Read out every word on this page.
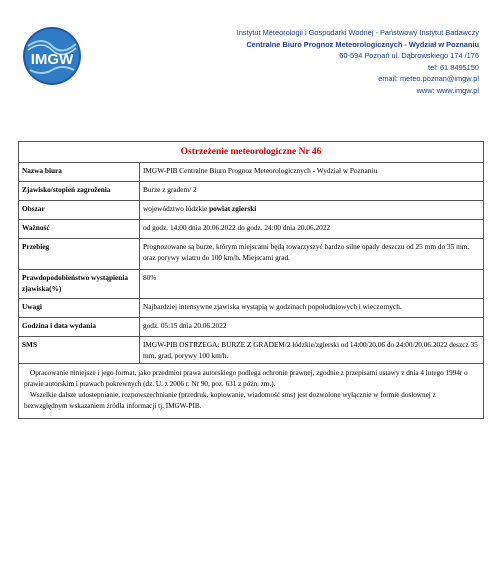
IMGW
Instytut Meteorologii i Gospodarki Wodnej - Państwowy Instytut Badawczy
Centralne Biuro Prognoz Meteorologicznych - Wydział w Poznaniu
60-594 Poznań ul. Dąbrowskiego 174 /176
tel: 61 8495150
email: meteo.poznan@imgw.pl
www: www.imgw.pl
Ostrzeżenie meteorologiczne Nr 46
Nazwa biura	IMGW-PIB Centralne Biuro Prognoz Meteorologicznych - Wydział w Poznaniu
Zjawisko/stopień zagrożenia	Burze z gradem/ 2
Obszar	województwo łódzkie powiat zgierski
Ważność	od godz. 14:00 dnia 20.06.2022 do godz. 24:00 dnia 20.06.2022
Przebieg	Prognozowane są burze, którym miejscami będą towarzyszyć bardzo silne opady deszczu od 25 mm do 35 mm, oraz porywy wiatru do 100 km/h. Miejscami grad.
Prawdopodobieństwo wystąpienia zjawiska(%)	80%
Uwagi	Najbardziej intensywne zjawiska wystąpią w godzinach popołudniowych i wieczornych.
Godzina i data wydania	godz. 05:15 dnia 20.06.2022
SMS	IMGW-PIB OSTRZEGA: BURZE Z GRADEM/2 łódzkie/zgierski od 14:00/20.06 do 24:00/20.06.2022 deszcz 35 mm, grad, porywy 100 km/h.

Opracowanie niniejsze i jego format, jako przedmiot prawa autorskiego podlega ochronie prawnej, zgodnie z przepisami ustawy z dnia 4 lutego 1994r o prawie autorskim i prawach pokrewnych (dz. U. z 2006 r. Nr 90, poz. 631 z późn. zm.).

Wszelkie dalsze udostepnianie, rozpowszechnianie (przedruk, kopiowanie, wiadomość sms) jest dozwolone wyłącznie w formie dosłownej z bezwzględnym wskazaniem źródła informacji tj. IMGW-PIB.
